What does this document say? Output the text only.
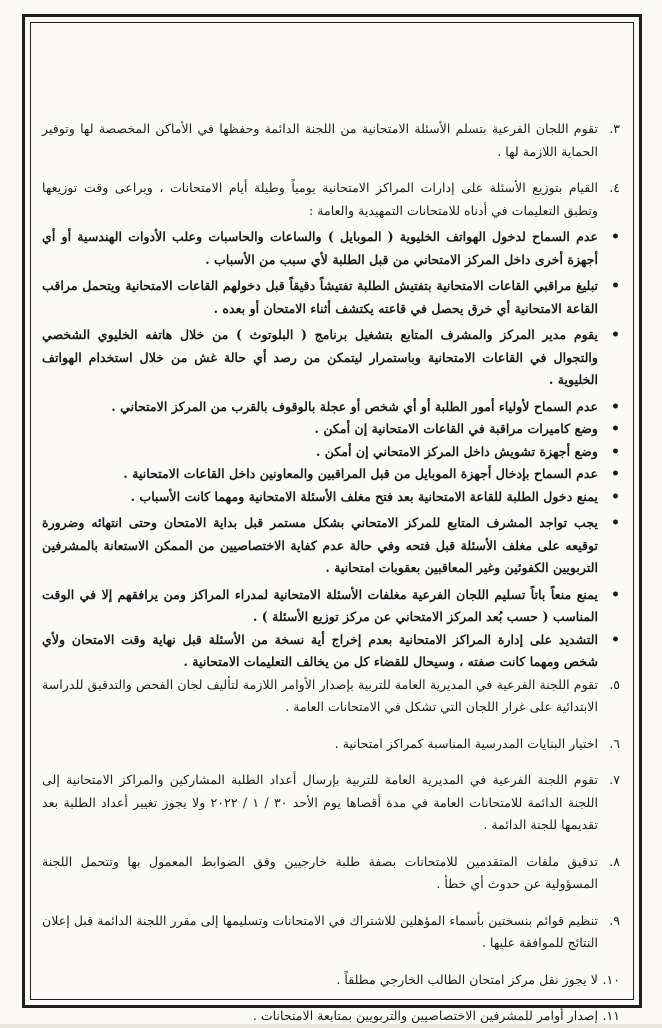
٣.
تقوم اللجان الفرعية بتسلم الأسئلة الامتحانية من اللجنة الدائمة وحفظها في الأماكن المخصصة لها وتوفير الحماية اللازمة لها .
٤.
القيام بتوزيع الأسئلة على إدارات المراكز الامتحانية يومياً وطيلة أيام الامتحانات ، ويراعى وقت توزيعها وتطبق التعليمات في أدناه للامتحانات التمهيدية والعامة :
•
عدم السماح لدخول الهواتف الخليوية ( الموبايل ) والساعات والحاسبات وعلب الأدوات الهندسية أو أي أجهزة أخرى داخل المركز الامتحاني من قبل الطلبة لأي سبب من الأسباب .
•
تبليغ مراقبي القاعات الامتحانية بتفتيش الطلبة تفتيشاً دقيقاً قبل دخولهم القاعات الامتحانية ويتحمل مراقب القاعة الامتحانية أي خرق يحصل في قاعته يكتشف أثناء الامتحان أو بعده .
•
يقوم مدير المركز والمشرف المتابع بتشغيل برنامج ( البلوتوث ) من خلال هاتفه الخليوي الشخصي والتجوال في القاعات الامتحانية وباستمرار ليتمكن من رصد أي حالة غش من خلال استخدام الهواتف الخليوية .
•
عدم السماح لأولياء أمور الطلبة أو أي شخص أو عجلة بالوقوف بالقرب من المركز الامتحاني .
•
وضع كاميرات مراقبة في القاعات الامتحانية إن أمكن .
•
وضع أجهزة تشويش داخل المركز الامتحاني إن أمكن .
•
عدم السماح بإدخال أجهزة الموبايل من قبل المراقبين والمعاونين داخل القاعات الامتحانية .
•
يمنع دخول الطلبة للقاعة الامتحانية بعد فتح مغلف الأسئلة الامتحانية ومهما كانت الأسباب .
•
يجب تواجد المشرف المتابع للمركز الامتحاني بشكل مستمر قبل بداية الامتحان وحتى انتهائه وضرورة توقيعه على مغلف الأسئلة قبل فتحه وفي حالة عدم كفاية الاختصاصيين من الممكن الاستعانة بالمشرفين التربويين الكفوئين وغير المعاقبين بعقوبات امتحانية .
•
يمنع منعاً باتاً تسليم اللجان الفرعية مغلفات الأسئلة الامتحانية لمدراء المراكز ومن يرافقهم إلا في الوقت المناسب ( حسب بُعد المركز الامتحاني عن مركز توزيع الأسئلة ) .
•
التشديد على إدارة المراكز الامتحانية بعدم إخراج أية نسخة من الأسئلة قبل نهاية وقت الامتحان ولأي شخص ومهما كانت صفته ، وسيحال للقضاء كل من يخالف التعليمات الامتحانية .
٥.
تقوم اللجنة الفرعية في المديرية العامة للتربية بإصدار الأوامر اللازمة لتأليف لجان الفحص والتدقيق للدراسة الابتدائية على غرار اللجان التي تشكل في الامتحانات العامة .
٦.
اختيار البنايات المدرسية المناسبة كمراكز امتحانية .
٧.
تقوم اللجنة الفرعية في المديرية العامة للتربية بإرسال أعداد الطلبة المشاركين والمراكز الامتحانية إلى اللجنة الدائمة للامتحانات العامة في مدة أقصاها يوم الأحد ٣٠ / ١ / ٢٠٢٢ ولا يجوز تغيير أعداد الطلبة بعد تقديمها للجنة الدائمة .
٨.
تدقيق ملفات المتقدمين للامتحانات بصفة طلبة خارجيين وفق الضوابط المعمول بها وتتحمل اللجنة المسؤولية عن حدوث أي خطأ .
٩.
تنظيم قوائم بنسختين بأسماء المؤهلين للاشتراك في الامتحانات وتسليمها إلى مقرر اللجنة الدائمة قبل إعلان النتائج للموافقة عليها .
١٠.
لا يجوز نقل مركز امتحان الطالب الخارجي مطلقاً .
١١.
إصدار أوامر للمشرفين الاختصاصيين والتربويين بمتابعة الامتحانات .
